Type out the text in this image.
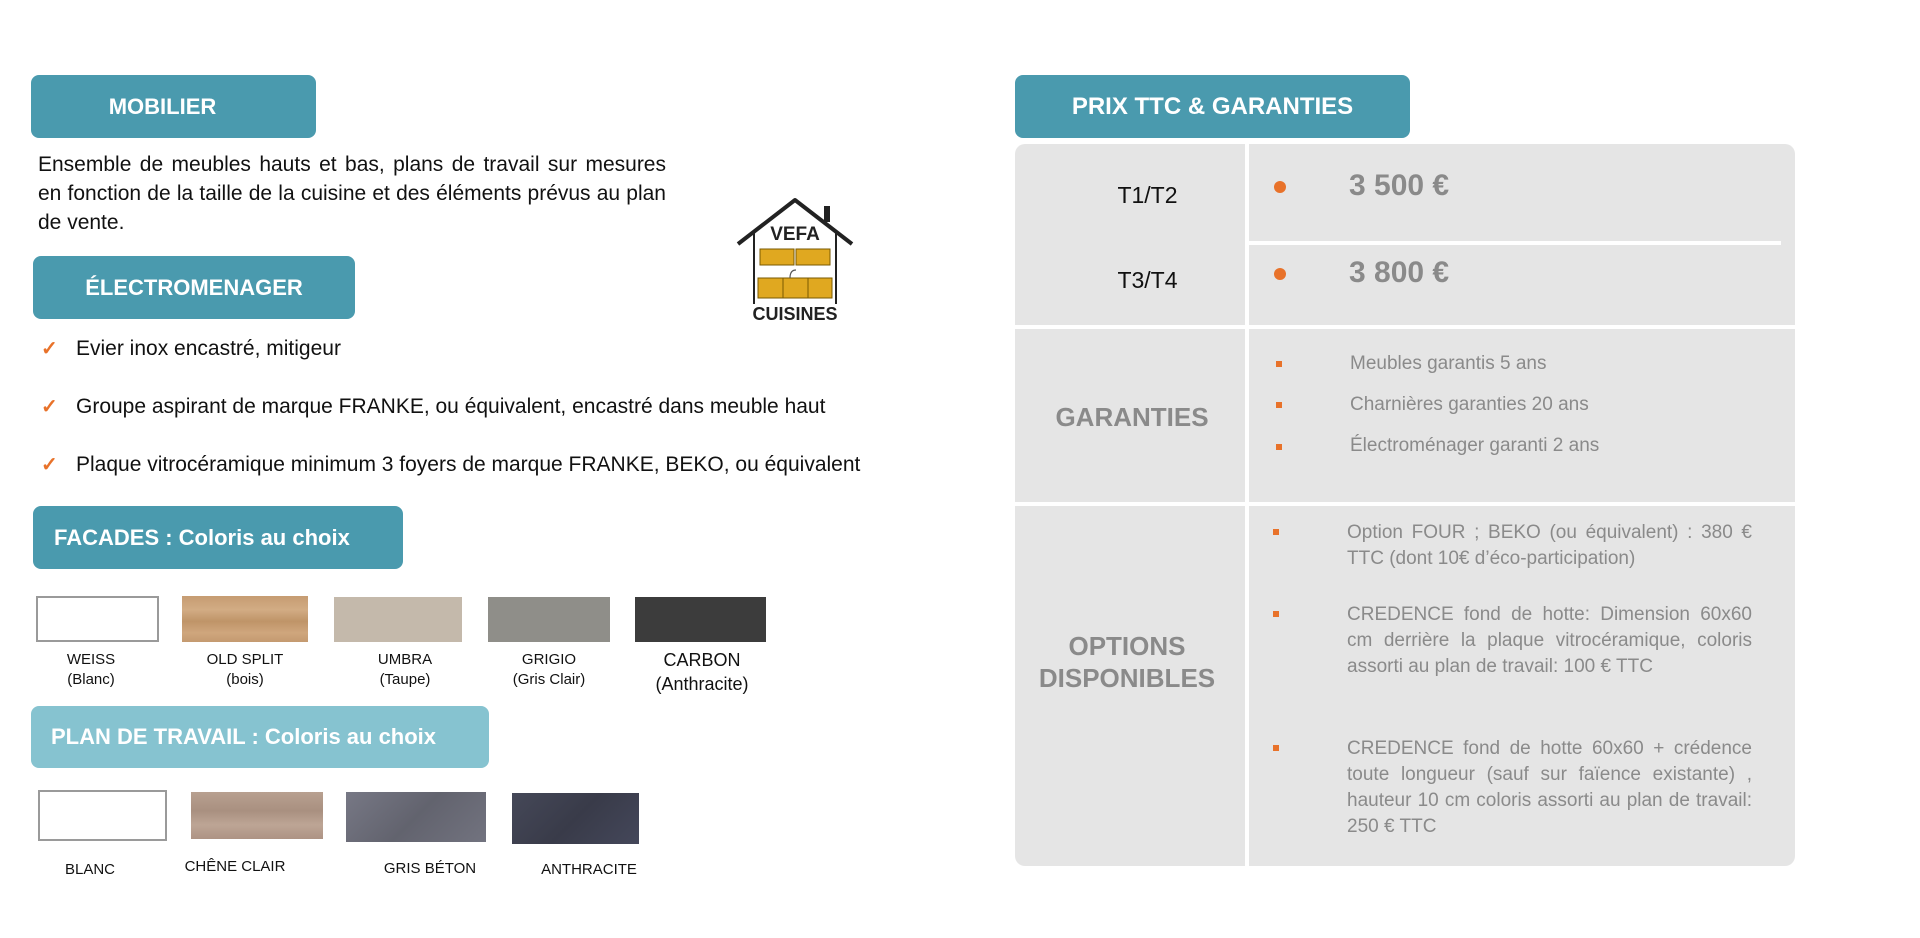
MOBILIER

Ensemble de meubles hauts et bas, plans de travail sur mesures en fonction de la taille de la cuisine et des éléments prévus au plan de vente.

ÉLECTROMENAGER
✓ Evier inox encastré, mitigeur
✓ Groupe aspirant de marque FRANKE, ou équivalent, encastré dans meuble haut
✓ Plaque vitrocéramique minimum 3 foyers de marque FRANKE, BEKO, ou équivalent
FACADES : Coloris au choix
WEISS
(Blanc)
OLD SPLIT
(bois)
UMBRA
(Taupe)
GRIGIO
(Gris Clair)
CARBON
(Anthracite)
PLAN DE TRAVAIL : Coloris au choix
BLANC	CHÊNE CLAIR	GRIS BÉTON	ANTHRACITE
VEFA
CUISINES
PRIX TTC & GARANTIES
T1/T2	3 500 €
T3/T4	3 800 €
GARANTIES
Meubles garantis 5 ans
Charnières garanties 20 ans
Électroménager garanti 2 ans
OPTIONS
DISPONIBLES
Option FOUR ; BEKO (ou équivalent) : 380 € TTC (dont 10€ d’éco-participation)
CREDENCE fond de hotte: Dimension 60x60 cm derrière la plaque vitrocéramique, coloris assorti au plan de travail: 100 € TTC
CREDENCE fond de hotte 60x60 + crédence toute longueur (sauf sur faïence existante) , hauteur 10 cm coloris assorti au plan de travail: 250 € TTC
